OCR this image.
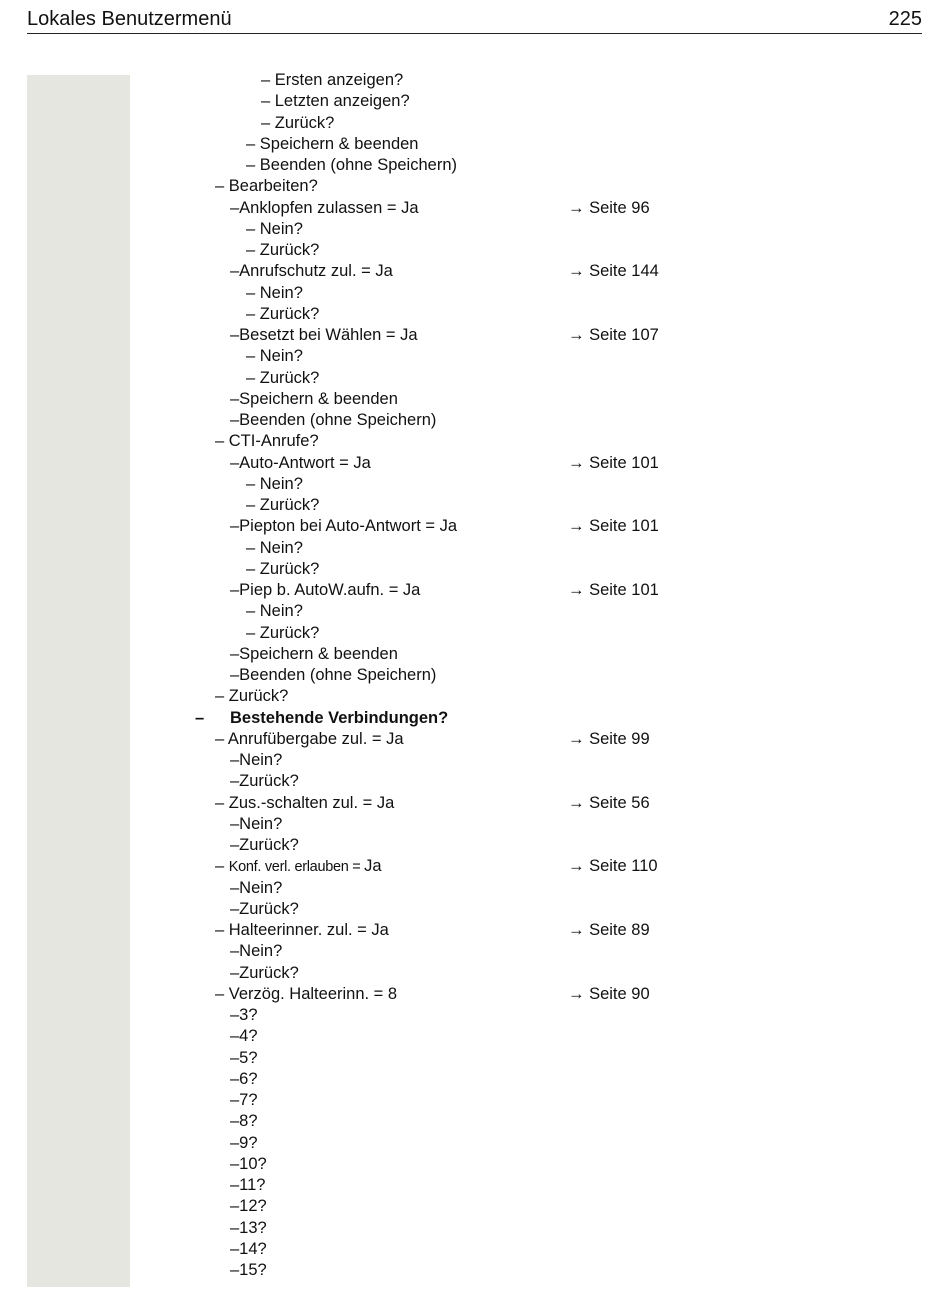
Lokales Benutzermenü	225
– Ersten anzeigen?
– Letzten anzeigen?
– Zurück?
– Speichern & beenden
– Beenden (ohne Speichern)
– Bearbeiten?
–Anklopfen zulassen = Ja	→ Seite 96
– Nein?
– Zurück?
–Anrufschutz zul. = Ja	→ Seite 144
– Nein?
– Zurück?
–Besetzt bei Wählen = Ja	→ Seite 107
– Nein?
– Zurück?
–Speichern & beenden
–Beenden (ohne Speichern)
– CTI-Anrufe?
–Auto-Antwort = Ja	→ Seite 101
– Nein?
– Zurück?
–Piepton bei Auto-Antwort = Ja	→ Seite 101
– Nein?
– Zurück?
–Piep b. AutoW.aufn. = Ja	→ Seite 101
– Nein?
– Zurück?
–Speichern & beenden
–Beenden (ohne Speichern)
– Zurück?
– Bestehende Verbindungen?
– Anrufübergabe zul. = Ja	→ Seite 99
–Nein?
–Zurück?
– Zus.-schalten zul. = Ja	→ Seite 56
–Nein?
–Zurück?
– Konf. verl. erlauben = Ja	→ Seite 110
–Nein?
–Zurück?
– Halteerinner. zul. = Ja	→ Seite 89
–Nein?
–Zurück?
– Verzög. Halteerinn. = 8	→ Seite 90
–3?
–4?
–5?
–6?
–7?
–8?
–9?
–10?
–11?
–12?
–13?
–14?
–15?
